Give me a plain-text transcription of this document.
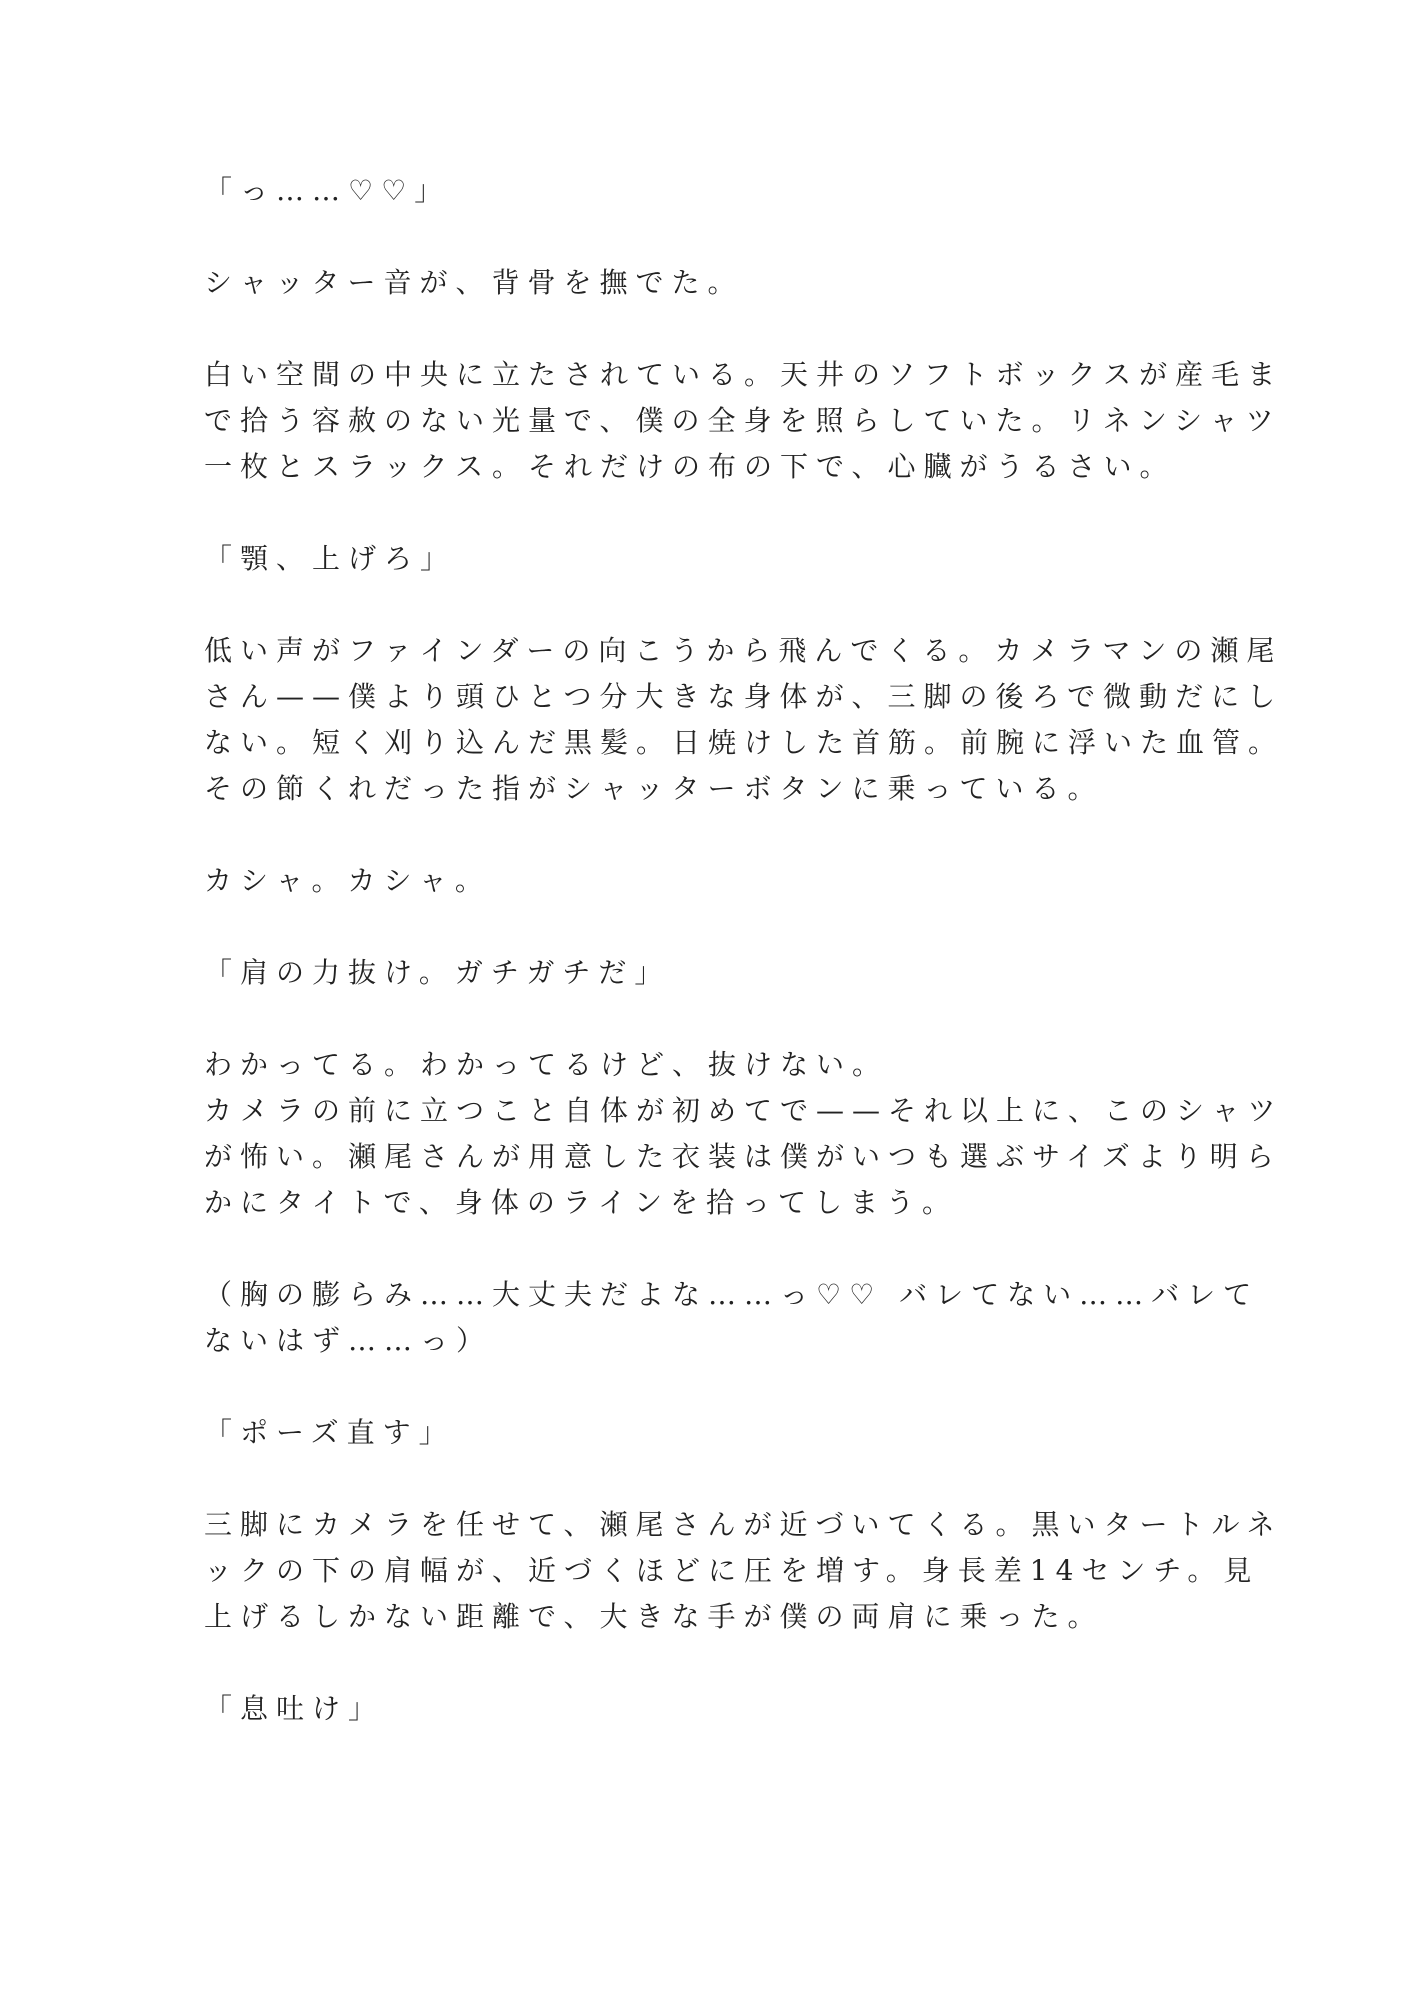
「っ……♡♡」

シャッター音が、背骨を撫でた。

白い空間の中央に立たされている。天井のソフトボックスが産毛ま
で拾う容赦のない光量で、僕の全身を照らしていた。リネンシャツ
一枚とスラックス。それだけの布の下で、心臓がうるさい。

「顎、上げろ」

低い声がファインダーの向こうから飛んでくる。カメラマンの瀬尾
さん——僕より頭ひとつ分大きな身体が、三脚の後ろで微動だにし
ない。短く刈り込んだ黒髪。日焼けした首筋。前腕に浮いた血管。
その節くれだった指がシャッターボタンに乗っている。

カシャ。カシャ。

「肩の力抜け。ガチガチだ」

わかってる。わかってるけど、抜けない。
カメラの前に立つこと自体が初めてで——それ以上に、このシャツ
が怖い。瀬尾さんが用意した衣装は僕がいつも選ぶサイズより明ら
かにタイトで、身体のラインを拾ってしまう。

（胸の膨らみ……大丈夫だよな……っ♡♡ バレてない……バレて
ないはず……っ）

「ポーズ直す」

三脚にカメラを任せて、瀬尾さんが近づいてくる。黒いタートルネ
ックの下の肩幅が、近づくほどに圧を増す。身長差14センチ。見
上げるしかない距離で、大きな手が僕の両肩に乗った。

「息吐け」
